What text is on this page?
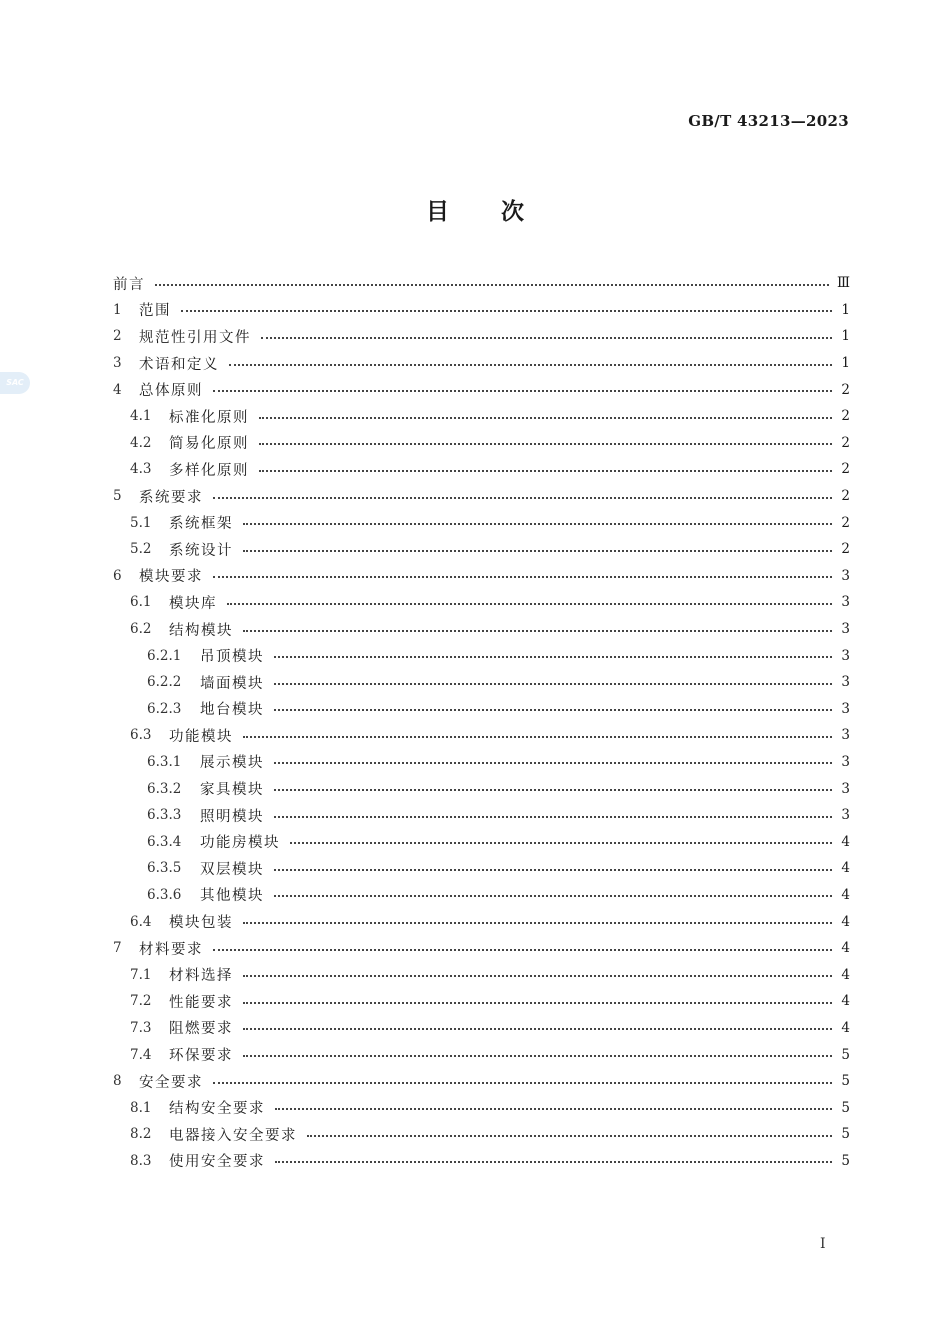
GB/T 43213—2023
目 次
SAC
前言	Ⅲ
1	范围	1
2	规范性引用文件	1
3	术语和定义	1
4	总体原则	2
4.1	标准化原则	2
4.2	简易化原则	2
4.3	多样化原则	2
5	系统要求	2
5.1	系统框架	2
5.2	系统设计	2
6	模块要求	3
6.1	模块库	3
6.2	结构模块	3
6.2.1	吊顶模块	3
6.2.2	墙面模块	3
6.2.3	地台模块	3
6.3	功能模块	3
6.3.1	展示模块	3
6.3.2	家具模块	3
6.3.3	照明模块	3
6.3.4	功能房模块	4
6.3.5	双层模块	4
6.3.6	其他模块	4
6.4	模块包装	4
7	材料要求	4
7.1	材料选择	4
7.2	性能要求	4
7.3	阻燃要求	4
7.4	环保要求	5
8	安全要求	5
8.1	结构安全要求	5
8.2	电器接入安全要求	5
8.3	使用安全要求	5
I
